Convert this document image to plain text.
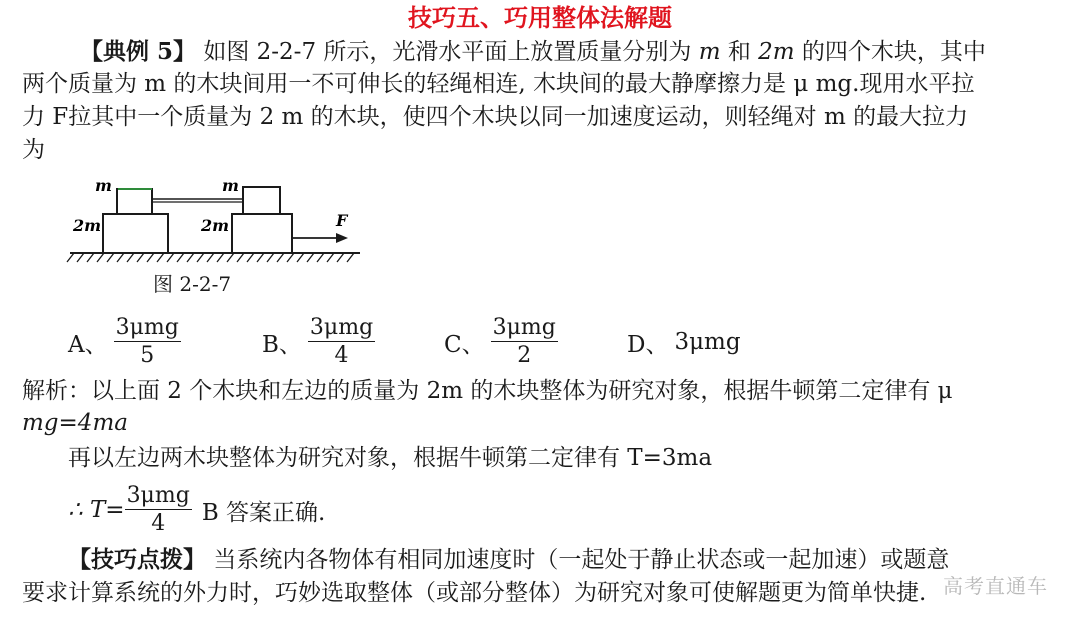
技巧五、巧用整体法解题
【典例 5】 如图 2-2-7 所示，光滑水平面上放置质量分别为 m 和 2m 的四个木块，其中
两个质量为 m 的木块间用一不可伸长的轻绳相连, 木块间的最大静摩擦力是 μ mg.现用水平拉
力 F拉其中一个质量为 2 m 的木块，使四个木块以同一加速度运动，则轻绳对 m 的最大拉力
为
m	m
2m	2m	F
图 2-2-7
A、 $\frac{\text{3μmg}}{5}$	B、 $\frac{\text{3μmg}}{4}$	C、 $\frac{\text{3μmg}}{2}$	D、 3μmg
解析：以上面 2 个木块和左边的质量为 2m 的木块整体为研究对象，根据牛顿第二定律有 μ
mg=4ma
再以左边两木块整体为研究对象，根据牛顿第二定律有 T=3ma
∴ $T= \frac{\text{3μmg}}{4}$ B 答案正确.
【技巧点拨】 当系统内各物体有相同加速度时（一起处于静止状态或一起加速）或题意
要求计算系统的外力时，巧妙选取整体（或部分整体）为研究对象可使解题更为简单快捷. 高考直通车
